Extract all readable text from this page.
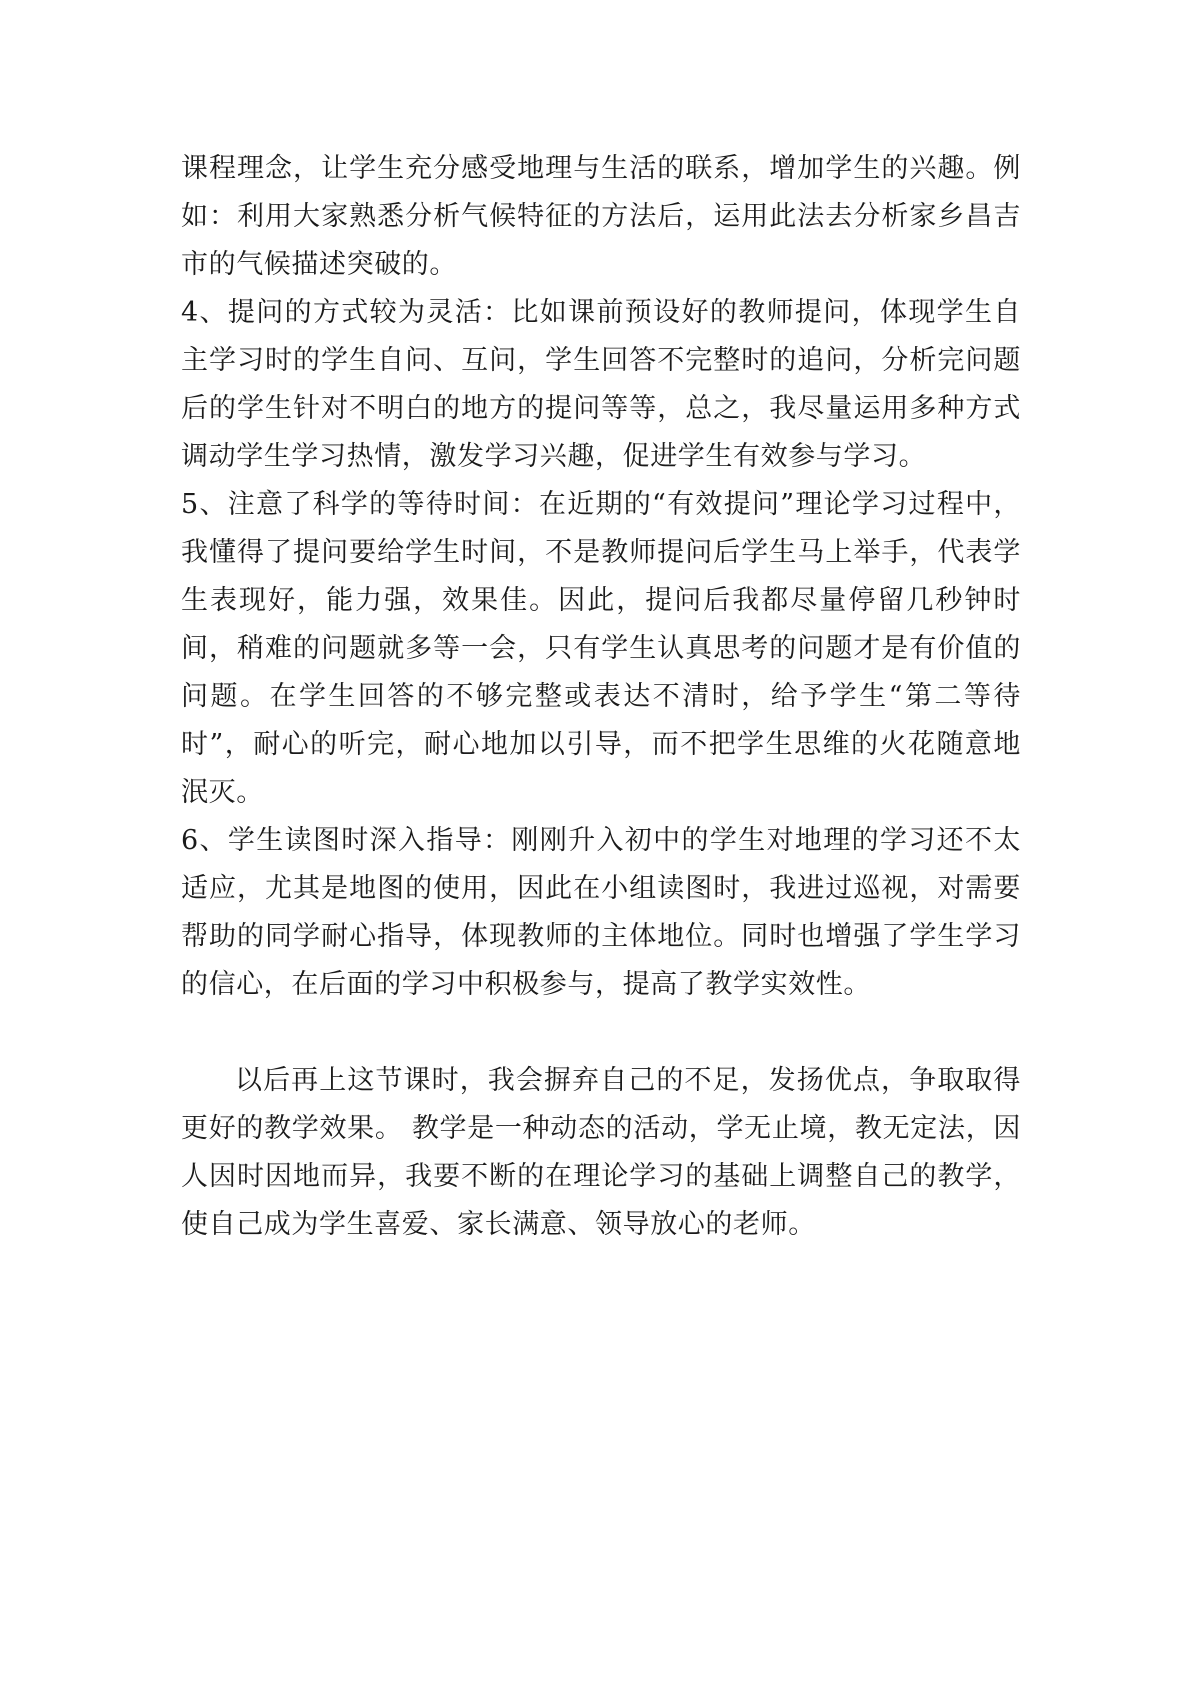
课程理念，让学生充分感受地理与生活的联系，增加学生的兴趣。例如：利用大家熟悉分析气候特征的方法后，运用此法去分析家乡昌吉市的气候描述突破的。

4、提问的方式较为灵活：比如课前预设好的教师提问，体现学生自主学习时的学生自问、互问，学生回答不完整时的追问，分析完问题后的学生针对不明白的地方的提问等等，总之，我尽量运用多种方式调动学生学习热情，激发学习兴趣，促进学生有效参与学习。

5、注意了科学的等待时间：在近期的“有效提问”理论学习过程中，我懂得了提问要给学生时间，不是教师提问后学生马上举手，代表学生表现好，能力强，效果佳。因此，提问后我都尽量停留几秒钟时间，稍难的问题就多等一会，只有学生认真思考的问题才是有价值的问题。在学生回答的不够完整或表达不清时，给予学生“第二等待时”，耐心的听完，耐心地加以引导，而不把学生思维的火花随意地泯灭。

6、学生读图时深入指导：刚刚升入初中的学生对地理的学习还不太适应，尤其是地图的使用，因此在小组读图时，我进过巡视，对需要帮助的同学耐心指导，体现教师的主体地位。同时也增强了学生学习的信心，在后面的学习中积极参与，提高了教学实效性。

以后再上这节课时，我会摒弃自己的不足，发扬优点，争取取得更好的教学效果。 教学是一种动态的活动，学无止境，教无定法，因人因时因地而异，我要不断的在理论学习的基础上调整自己的教学，使自己成为学生喜爱、家长满意、领导放心的老师。
